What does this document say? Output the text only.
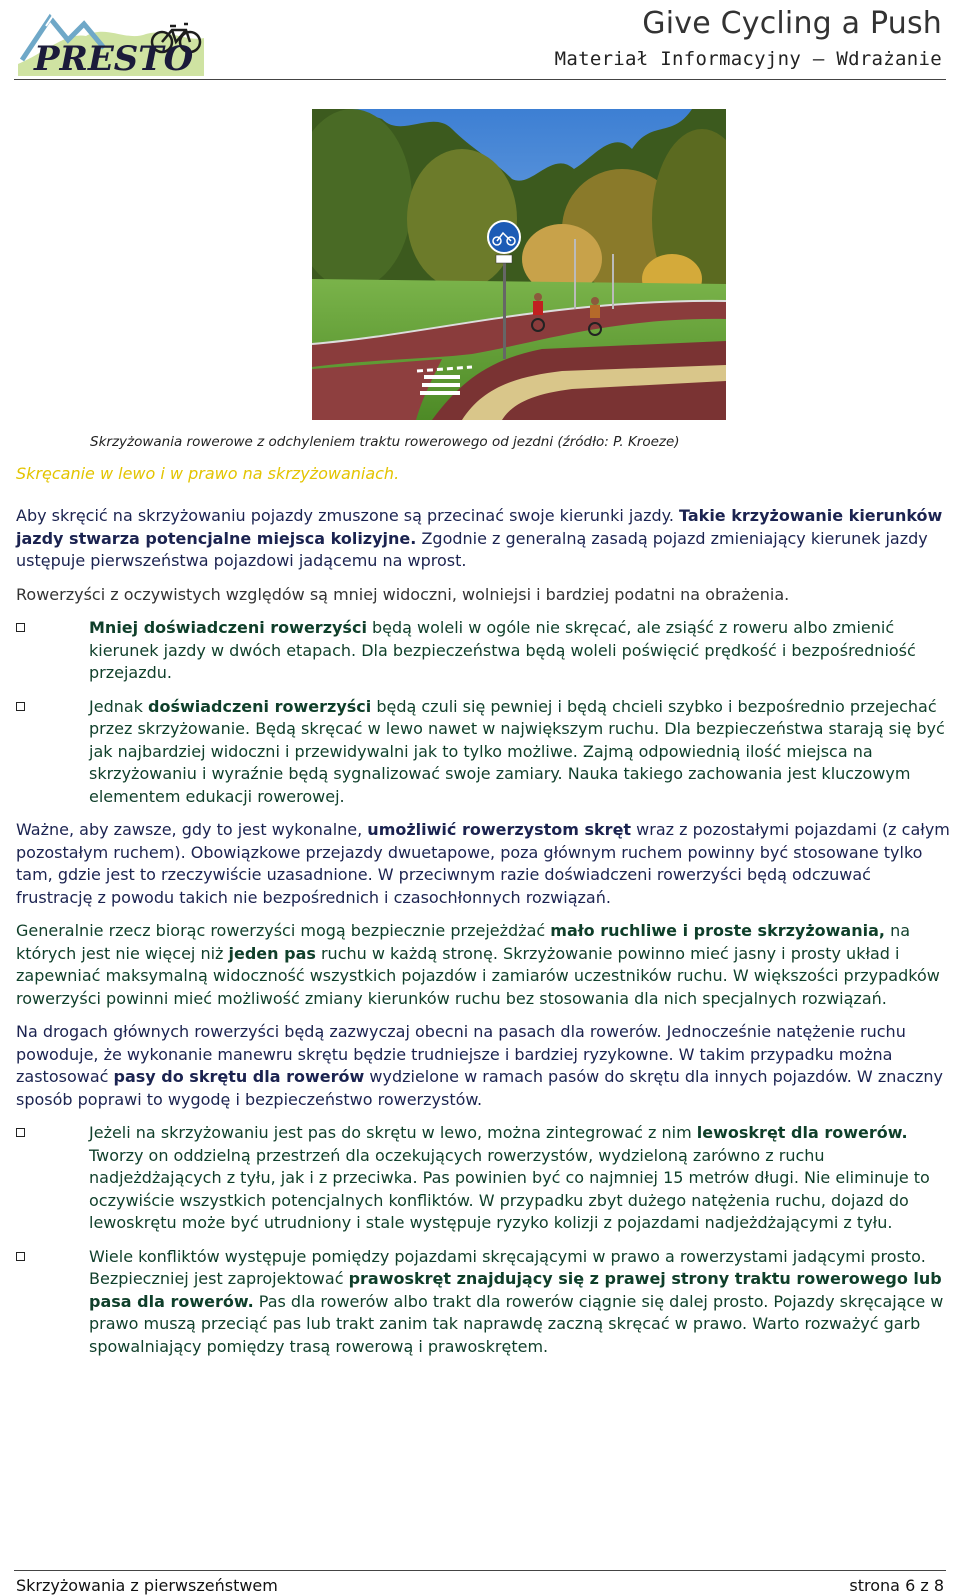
PRESTO
Give Cycling a Push
Materiał Informacyjny – Wdrażanie
Skrzyżowania rowerowe z odchyleniem traktu rowerowego od jezdni (źródło: P. Kroeze)
Skręcanie w lewo i w prawo na skrzyżowaniach.

Aby skręcić na skrzyżowaniu pojazdy zmuszone są przecinać swoje kierunki jazdy. Takie krzyżowanie kierunków jazdy stwarza potencjalne miejsca kolizyjne. Zgodnie z generalną zasadą pojazd zmieniający kierunek jazdy ustępuje pierwszeństwa pojazdowi jadącemu na wprost.

Rowerzyści z oczywistych względów są mniej widoczni, wolniejsi i bardziej podatni na obrażenia.

Mniej doświadczeni rowerzyści będą woleli w ogóle nie skręcać, ale zsiąść z roweru albo zmienić kierunek jazdy w dwóch etapach. Dla bezpieczeństwa będą woleli poświęcić prędkość i bezpośredniość przejazdu.
Jednak doświadczeni rowerzyści będą czuli się pewniej i będą chcieli szybko i bezpośrednio przejechać przez skrzyżowanie. Będą skręcać w lewo nawet w największym ruchu. Dla bezpieczeństwa starają się być jak najbardziej widoczni i przewidywalni jak to tylko możliwe. Zajmą odpowiednią ilość miejsca na skrzyżowaniu i wyraźnie będą sygnalizować swoje zamiary. Nauka takiego zachowania jest kluczowym elementem edukacji rowerowej.

Ważne, aby zawsze, gdy to jest wykonalne, umożliwić rowerzystom skręt wraz z pozostałymi pojazdami (z całym pozostałym ruchem). Obowiązkowe przejazdy dwuetapowe, poza głównym ruchem powinny być stosowane tylko tam, gdzie jest to rzeczywiście uzasadnione. W przeciwnym razie doświadczeni rowerzyści będą odczuwać frustrację z powodu takich nie bezpośrednich i czasochłonnych rozwiązań.

Generalnie rzecz biorąc rowerzyści mogą bezpiecznie przejeżdżać mało ruchliwe i proste skrzyżowania, na których jest nie więcej niż jeden pas ruchu w każdą stronę. Skrzyżowanie powinno mieć jasny i prosty układ i zapewniać maksymalną widoczność wszystkich pojazdów i zamiarów uczestników ruchu. W większości przypadków rowerzyści powinni mieć możliwość zmiany kierunków ruchu bez stosowania dla nich specjalnych rozwiązań.

Na drogach głównych rowerzyści będą zazwyczaj obecni na pasach dla rowerów. Jednocześnie natężenie ruchu powoduje, że wykonanie manewru skrętu będzie trudniejsze i bardziej ryzykowne. W takim przypadku można zastosować pasy do skrętu dla rowerów wydzielone w ramach pasów do skrętu dla innych pojazdów. W znaczny sposób poprawi to wygodę i bezpieczeństwo rowerzystów.

Jeżeli na skrzyżowaniu jest pas do skrętu w lewo, można zintegrować z nim lewoskręt dla rowerów. Tworzy on oddzielną przestrzeń dla oczekujących rowerzystów, wydzieloną zarówno z ruchu nadjeżdżających z tyłu, jak i z przeciwka. Pas powinien być co najmniej 15 metrów długi. Nie eliminuje to oczywiście wszystkich potencjalnych konfliktów. W przypadku zbyt dużego natężenia ruchu, dojazd do lewoskrętu może być utrudniony i stale występuje ryzyko kolizji z pojazdami nadjeżdżającymi z tyłu.
Wiele konfliktów występuje pomiędzy pojazdami skręcającymi w prawo a rowerzystami jadącymi prosto. Bezpieczniej jest zaprojektować prawoskręt znajdujący się z prawej strony traktu rowerowego lub pasa dla rowerów. Pas dla rowerów albo trakt dla rowerów ciągnie się dalej prosto. Pojazdy skręcające w prawo muszą przeciąć pas lub trakt zanim tak naprawdę zaczną skręcać w prawo. Warto rozważyć garb spowalniający pomiędzy trasą rowerową i prawoskrętem.
Skrzyżowania z pierwszeństwem	strona 6 z 8
